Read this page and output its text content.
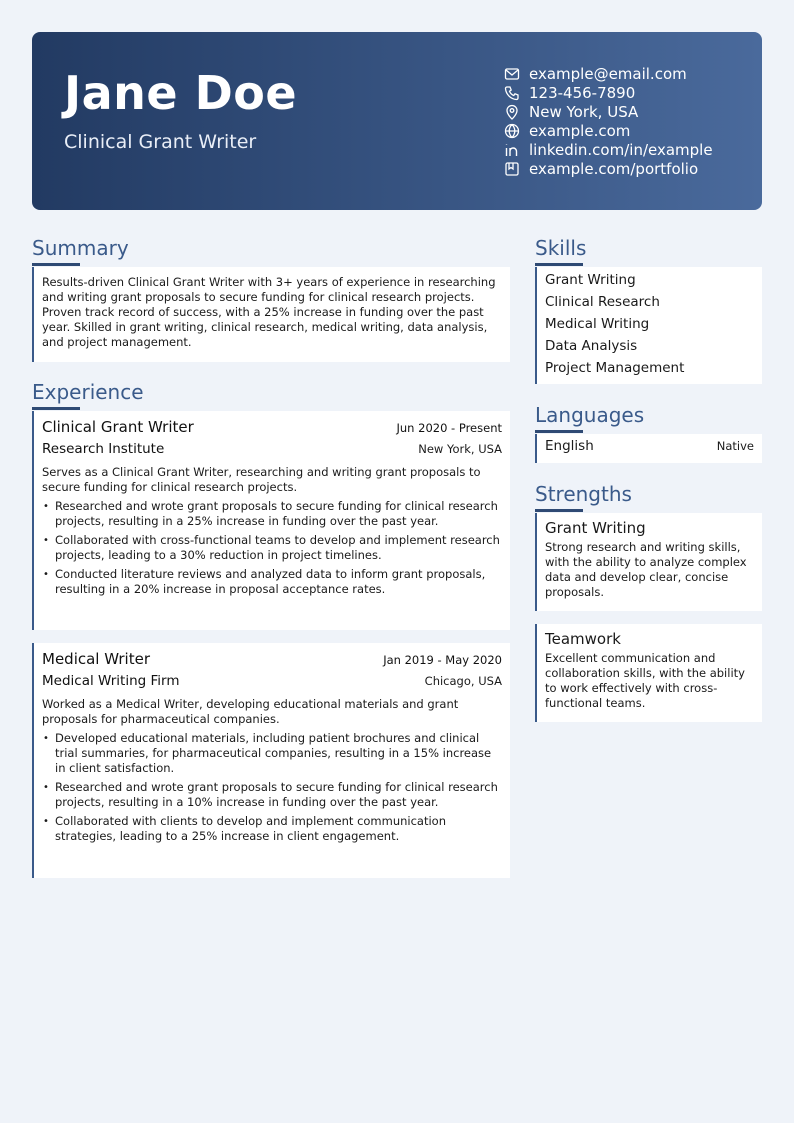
Jane Doe
Clinical Grant Writer
example@email.com
123-456-7890
New York, USA
example.com
linkedin.com/in/example
example.com/portfolio
Summary

Results-driven Clinical Grant Writer with 3+ years of experience in researching and writing grant proposals to secure funding for clinical research projects. Proven track record of success, with a 25% increase in funding over the past year. Skilled in grant writing, clinical research, medical writing, data analysis, and project management.

Experience
Clinical Grant Writer	Jun 2020 - Present
Research Institute	New York, USA

Serves as a Clinical Grant Writer, researching and writing grant proposals to secure funding for clinical research projects.

• Researched and wrote grant proposals to secure funding for clinical research projects, resulting in a 25% increase in funding over the past year.
• Collaborated with cross-functional teams to develop and implement research projects, leading to a 30% reduction in project timelines.
• Conducted literature reviews and analyzed data to inform grant proposals, resulting in a 20% increase in proposal acceptance rates.
Medical Writer	Jan 2019 - May 2020
Medical Writing Firm	Chicago, USA

Worked as a Medical Writer, developing educational materials and grant proposals for pharmaceutical companies.

• Developed educational materials, including patient brochures and clinical trial summaries, for pharmaceutical companies, resulting in a 15% increase in client satisfaction.
• Researched and wrote grant proposals to secure funding for clinical research projects, resulting in a 10% increase in funding over the past year.
• Collaborated with clients to develop and implement communication strategies, leading to a 25% increase in client engagement.
Skills
Grant Writing
Clinical Research
Medical Writing
Data Analysis
Project Management
Languages
English	Native
Strengths
Grant Writing

Strong research and writing skills, with the ability to analyze complex data and develop clear, concise proposals.

Teamwork

Excellent communication and collaboration skills, with the ability to work effectively with cross-functional teams.
